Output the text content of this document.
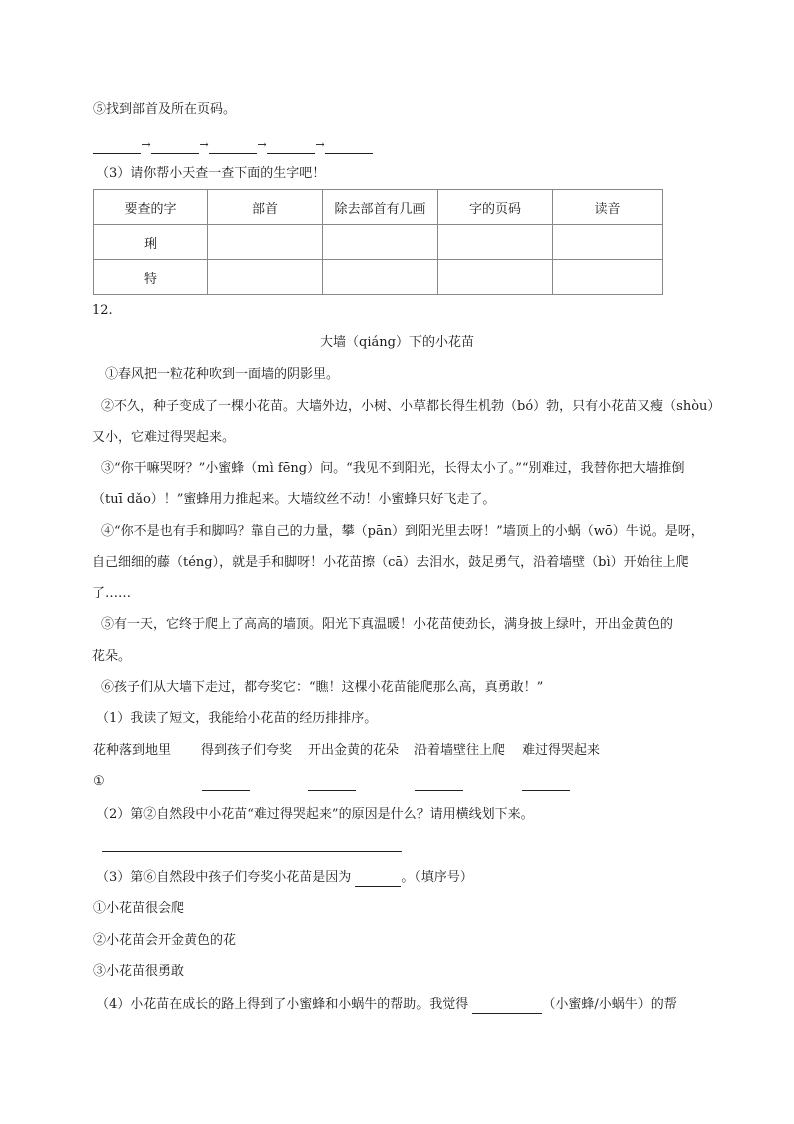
⑤找到部首及所在页码。
→	→	→	→
（3）请你帮小天查一查下面的生字吧！
要查的字	部首	除去部首有几画	字的页码	读音
琍				
特				
12.
大墙（qiáng）下的小花苗
①春风把一粒花种吹到一面墙的阴影里。
②不久，种子变成了一棵小花苗。大墙外边，小树、小草都长得生机勃（bó）勃，只有小花苗又瘦（shòu）
又小，它难过得哭起来。
③“你干嘛哭呀？”小蜜蜂（mì fēng）问。“我见不到阳光，长得太小了。”“别难过，我替你把大墙推倒
（tuī dǎo）！”蜜蜂用力推起来。大墙纹丝不动！小蜜蜂只好飞走了。
④“你不是也有手和脚吗？靠自己的力量，攀（pān）到阳光里去呀！”墙顶上的小蜗（wō）牛说。是呀，
自己细细的藤（téng），就是手和脚呀！小花苗擦（cā）去泪水，鼓足勇气，沿着墙壁（bì）开始往上爬
了……
⑤有一天，它终于爬上了高高的墙顶。阳光下真温暖！小花苗使劲长，满身披上绿叶，开出金黄色的
花朵。
⑥孩子们从大墙下走过，都夸奖它：“瞧！这棵小花苗能爬那么高，真勇敢！”
（1）我读了短文，我能给小花苗的经历排排序。
花种落到地里 得到孩子们夸奖 开出金黄的花朵 沿着墙壁往上爬 难过得哭起来
①
（2）第②自然段中小花苗“难过得哭起来”的原因是什么？请用横线划下来。
（3）第⑥自然段中孩子们夸奖小花苗是因为	。（填序号）
①小花苗很会爬
②小花苗会开金黄色的花
③小花苗很勇敢
（4）小花苗在成长的路上得到了小蜜蜂和小蜗牛的帮助。我觉得	（小蜜蜂/小蜗牛）的帮
